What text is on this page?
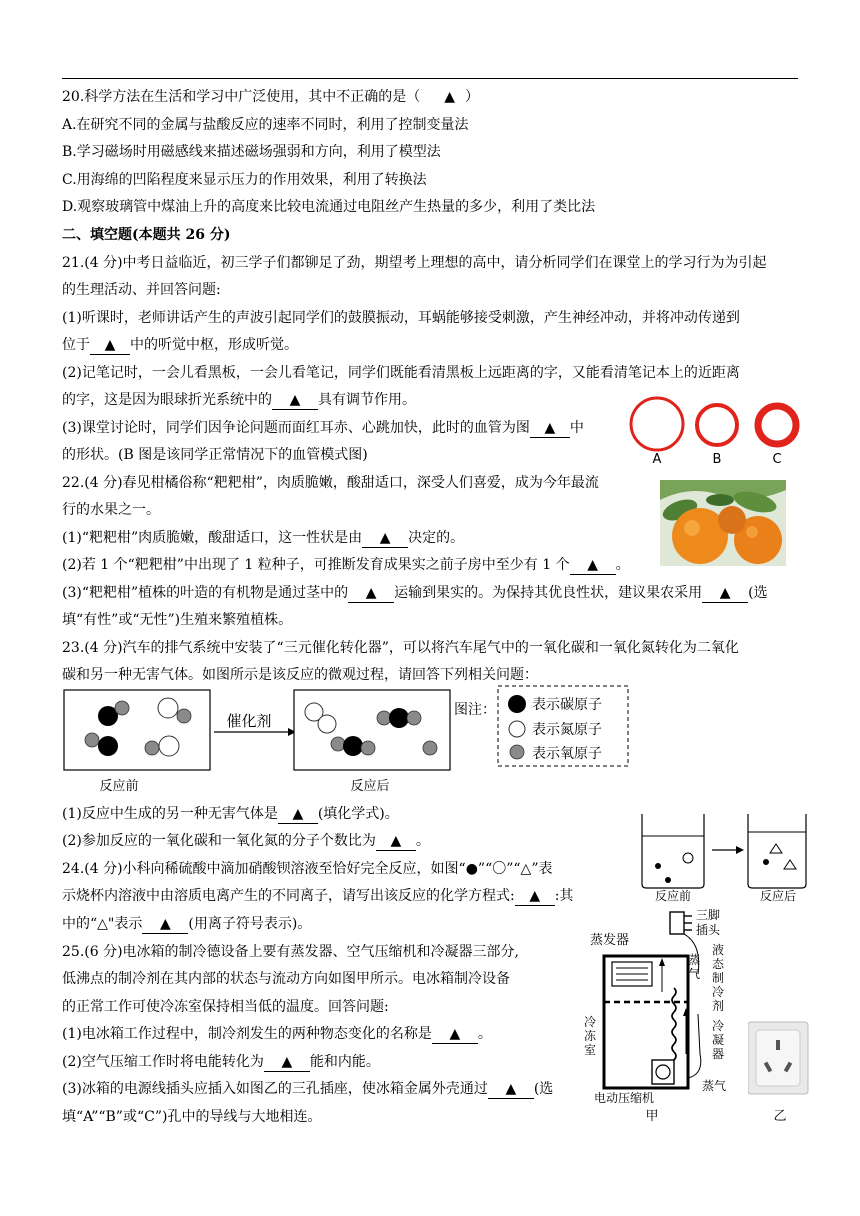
20.科学方法在生活和学习中广泛使用，其中不正确的是（　 ▲ ）
A.在研究不同的金属与盐酸反应的速率不同时，利用了控制变量法
B.学习磁场时用磁感线来描述磁场强弱和方向，利用了模型法
C.用海绵的凹陷程度来显示压力的作用效果，利用了转换法
D.观察玻璃管中煤油上升的高度来比较电流通过电阻丝产生热量的多少，利用了类比法
二、填空题(本题共 26 分)
21.(4 分)中考日益临近，初三学子们都铆足了劲，期望考上理想的高中，请分析同学们在课堂上的学习行为为引起
的生理活动、并回答问题:
(1)听课时，老师讲话产生的声波引起同学们的鼓膜振动，耳蜗能够接受刺激，产生神经冲动，并将冲动传递到
位于 ▲ 中的听觉中枢，形成听觉。
(2)记笔记时，一会儿看黑板，一会儿看笔记，同学们既能看清黑板上远距离的字，又能看清笔记本上的近距离
的字，这是因为眼球折光系统中的 ▲ 具有调节作用。
(3)课堂讨论时，同学们因争论问题而面红耳赤、心跳加快，此时的血管为图 ▲ 中
的形状。(B 图是该同学正常情况下的血管模式图)	A	B	C
22.(4 分)春见柑橘俗称“粑粑柑”，肉质脆嫩，酸甜适口，深受人们喜爱，成为今年最流
行的水果之一。
(1)“粑粑柑”肉质脆嫩，酸甜适口，这一性状是由 ▲ 决定的。
(2)若 1 个“粑粑柑”中出现了 1 粒种子，可推断发育成果实之前子房中至少有 1 个 ▲ 。
(3)“粑粑柑”植株的叶造的有机物是通过茎中的 ▲ 运输到果实的。为保持其优良性状，建议果农采用 ▲ (选
填“有性”或“无性”)生殖来繁殖植株。
23.(4 分)汽车的排气系统中安装了“三元催化转化器”，可以将汽车尾气中的一氧化碳和一氧化氮转化为二氧化
碳和另一种无害气体。如图所示是该反应的微观过程，请回答下列相关问题：
催化剂
反应前	反应后
图注：	表示碳原子
表示氮原子
表示氧原子
(1)反应中生成的另一种无害气体是 ▲ (填化学式)。
(2)参加反应的一氧化碳和一氧化氮的分子个数比为 ▲ 。
反应前	反应后
24.(4 分)小科向稀硫酸中滴加硝酸钡溶液至恰好完全反应，如图“●”“〇”“△”表
示烧杯内溶液中由溶质电离产生的不同离子，请写出该反应的化学方程式: ▲ :其
中的“△"表示 ▲ (用离子符号表示)。
25.(6 分)电冰箱的制冷德设备上要有蒸发器、空气压缩机和冷凝器三部分,
低沸点的制冷剂在其内部的状态与流动方向如图甲所示。电冰箱制冷设备
的正常工作可使冷冻室保持相当低的温度。回答问题:
(1)电冰箱工作过程中，制冷剂发生的两种物态变化的名称是 ▲ 。
(2)空气压缩工作时将电能转化为 ▲ 能和内能。
(3)冰箱的电源线插头应插入如图乙的三孔插座，使冰箱金属外壳通过 ▲ (选
填“A”“B”或“C”)孔中的导线与大地相连。
蒸发器
三脚
插头
蒸气
液态制冷剂
冷凝器
冷冻室
电动压缩机
蒸气
甲	乙
